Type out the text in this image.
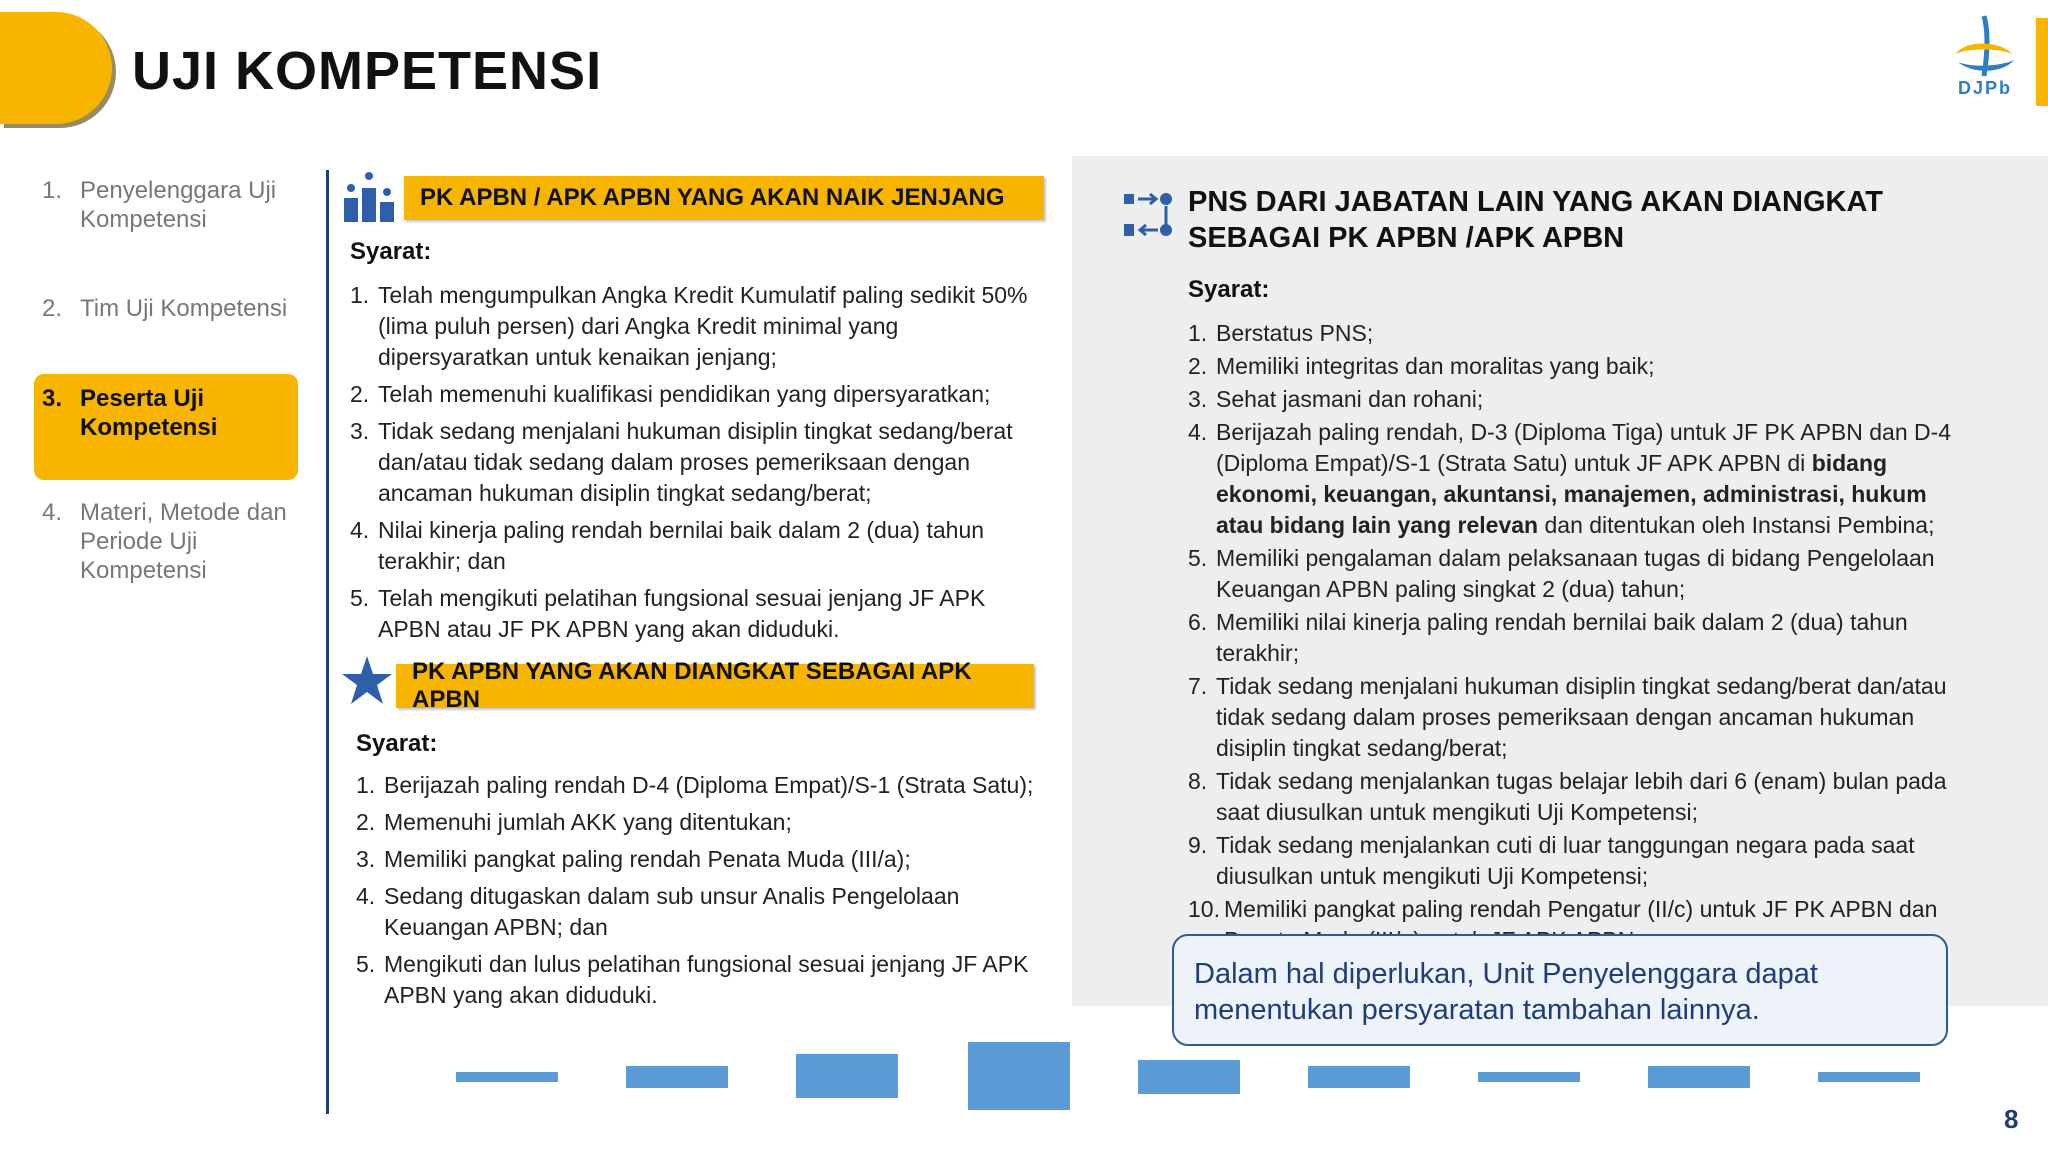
UJI KOMPETENSI	DJPb
1. Penyelenggara Uji Kompetensi
2. Tim Uji Kompetensi
3. Peserta Uji Kompetensi
4. Materi, Metode dan Periode Uji Kompetensi
PK APBN / APK APBN YANG AKAN NAIK JENJANG
Syarat:
1. Telah mengumpulkan Angka Kredit Kumulatif paling sedikit 50% (lima puluh persen) dari Angka Kredit minimal yang dipersyaratkan untuk kenaikan jenjang;
2. Telah memenuhi kualifikasi pendidikan yang dipersyaratkan;
3. Tidak sedang menjalani hukuman disiplin tingkat sedang/berat dan/atau tidak sedang dalam proses pemeriksaan dengan ancaman hukuman disiplin tingkat sedang/berat;
4. Nilai kinerja paling rendah bernilai baik dalam 2 (dua) tahun terakhir; dan
5. Telah mengikuti pelatihan fungsional sesuai jenjang JF APK APBN atau JF PK APBN yang akan diduduki.
PK APBN YANG AKAN DIANGKAT SEBAGAI APK APBN
Syarat:
1. Berijazah paling rendah D-4 (Diploma Empat)/S-1 (Strata Satu);
2. Memenuhi jumlah AKK yang ditentukan;
3. Memiliki pangkat paling rendah Penata Muda (III/a);
4. Sedang ditugaskan dalam sub unsur Analis Pengelolaan Keuangan APBN; dan
5. Mengikuti dan lulus pelatihan fungsional sesuai jenjang JF APK APBN yang akan diduduki.
PNS DARI JABATAN LAIN YANG AKAN DIANGKAT SEBAGAI PK APBN /APK APBN
Syarat:
1. Berstatus PNS;
2. Memiliki integritas dan moralitas yang baik;
3. Sehat jasmani dan rohani;
4. Berijazah paling rendah, D-3 (Diploma Tiga) untuk JF PK APBN dan D-4 (Diploma Empat)/S-1 (Strata Satu) untuk JF APK APBN di bidang ekonomi, keuangan, akuntansi, manajemen, administrasi, hukum atau bidang lain yang relevan dan ditentukan oleh Instansi Pembina;
5. Memiliki pengalaman dalam pelaksanaan tugas di bidang Pengelolaan Keuangan APBN paling singkat 2 (dua) tahun;
6. Memiliki nilai kinerja paling rendah bernilai baik dalam 2 (dua) tahun terakhir;
7. Tidak sedang menjalani hukuman disiplin tingkat sedang/berat dan/atau tidak sedang dalam proses pemeriksaan dengan ancaman hukuman disiplin tingkat sedang/berat;
8. Tidak sedang menjalankan tugas belajar lebih dari 6 (enam) bulan pada saat diusulkan untuk mengikuti Uji Kompetensi;
9. Tidak sedang menjalankan cuti di luar tanggungan negara pada saat diusulkan untuk mengikuti Uji Kompetensi;
10. Memiliki pangkat paling rendah Pengatur (II/c) untuk JF PK APBN dan
Dalam hal diperlukan, Unit Penyelenggara dapat menentukan persyaratan tambahan lainnya.
8
